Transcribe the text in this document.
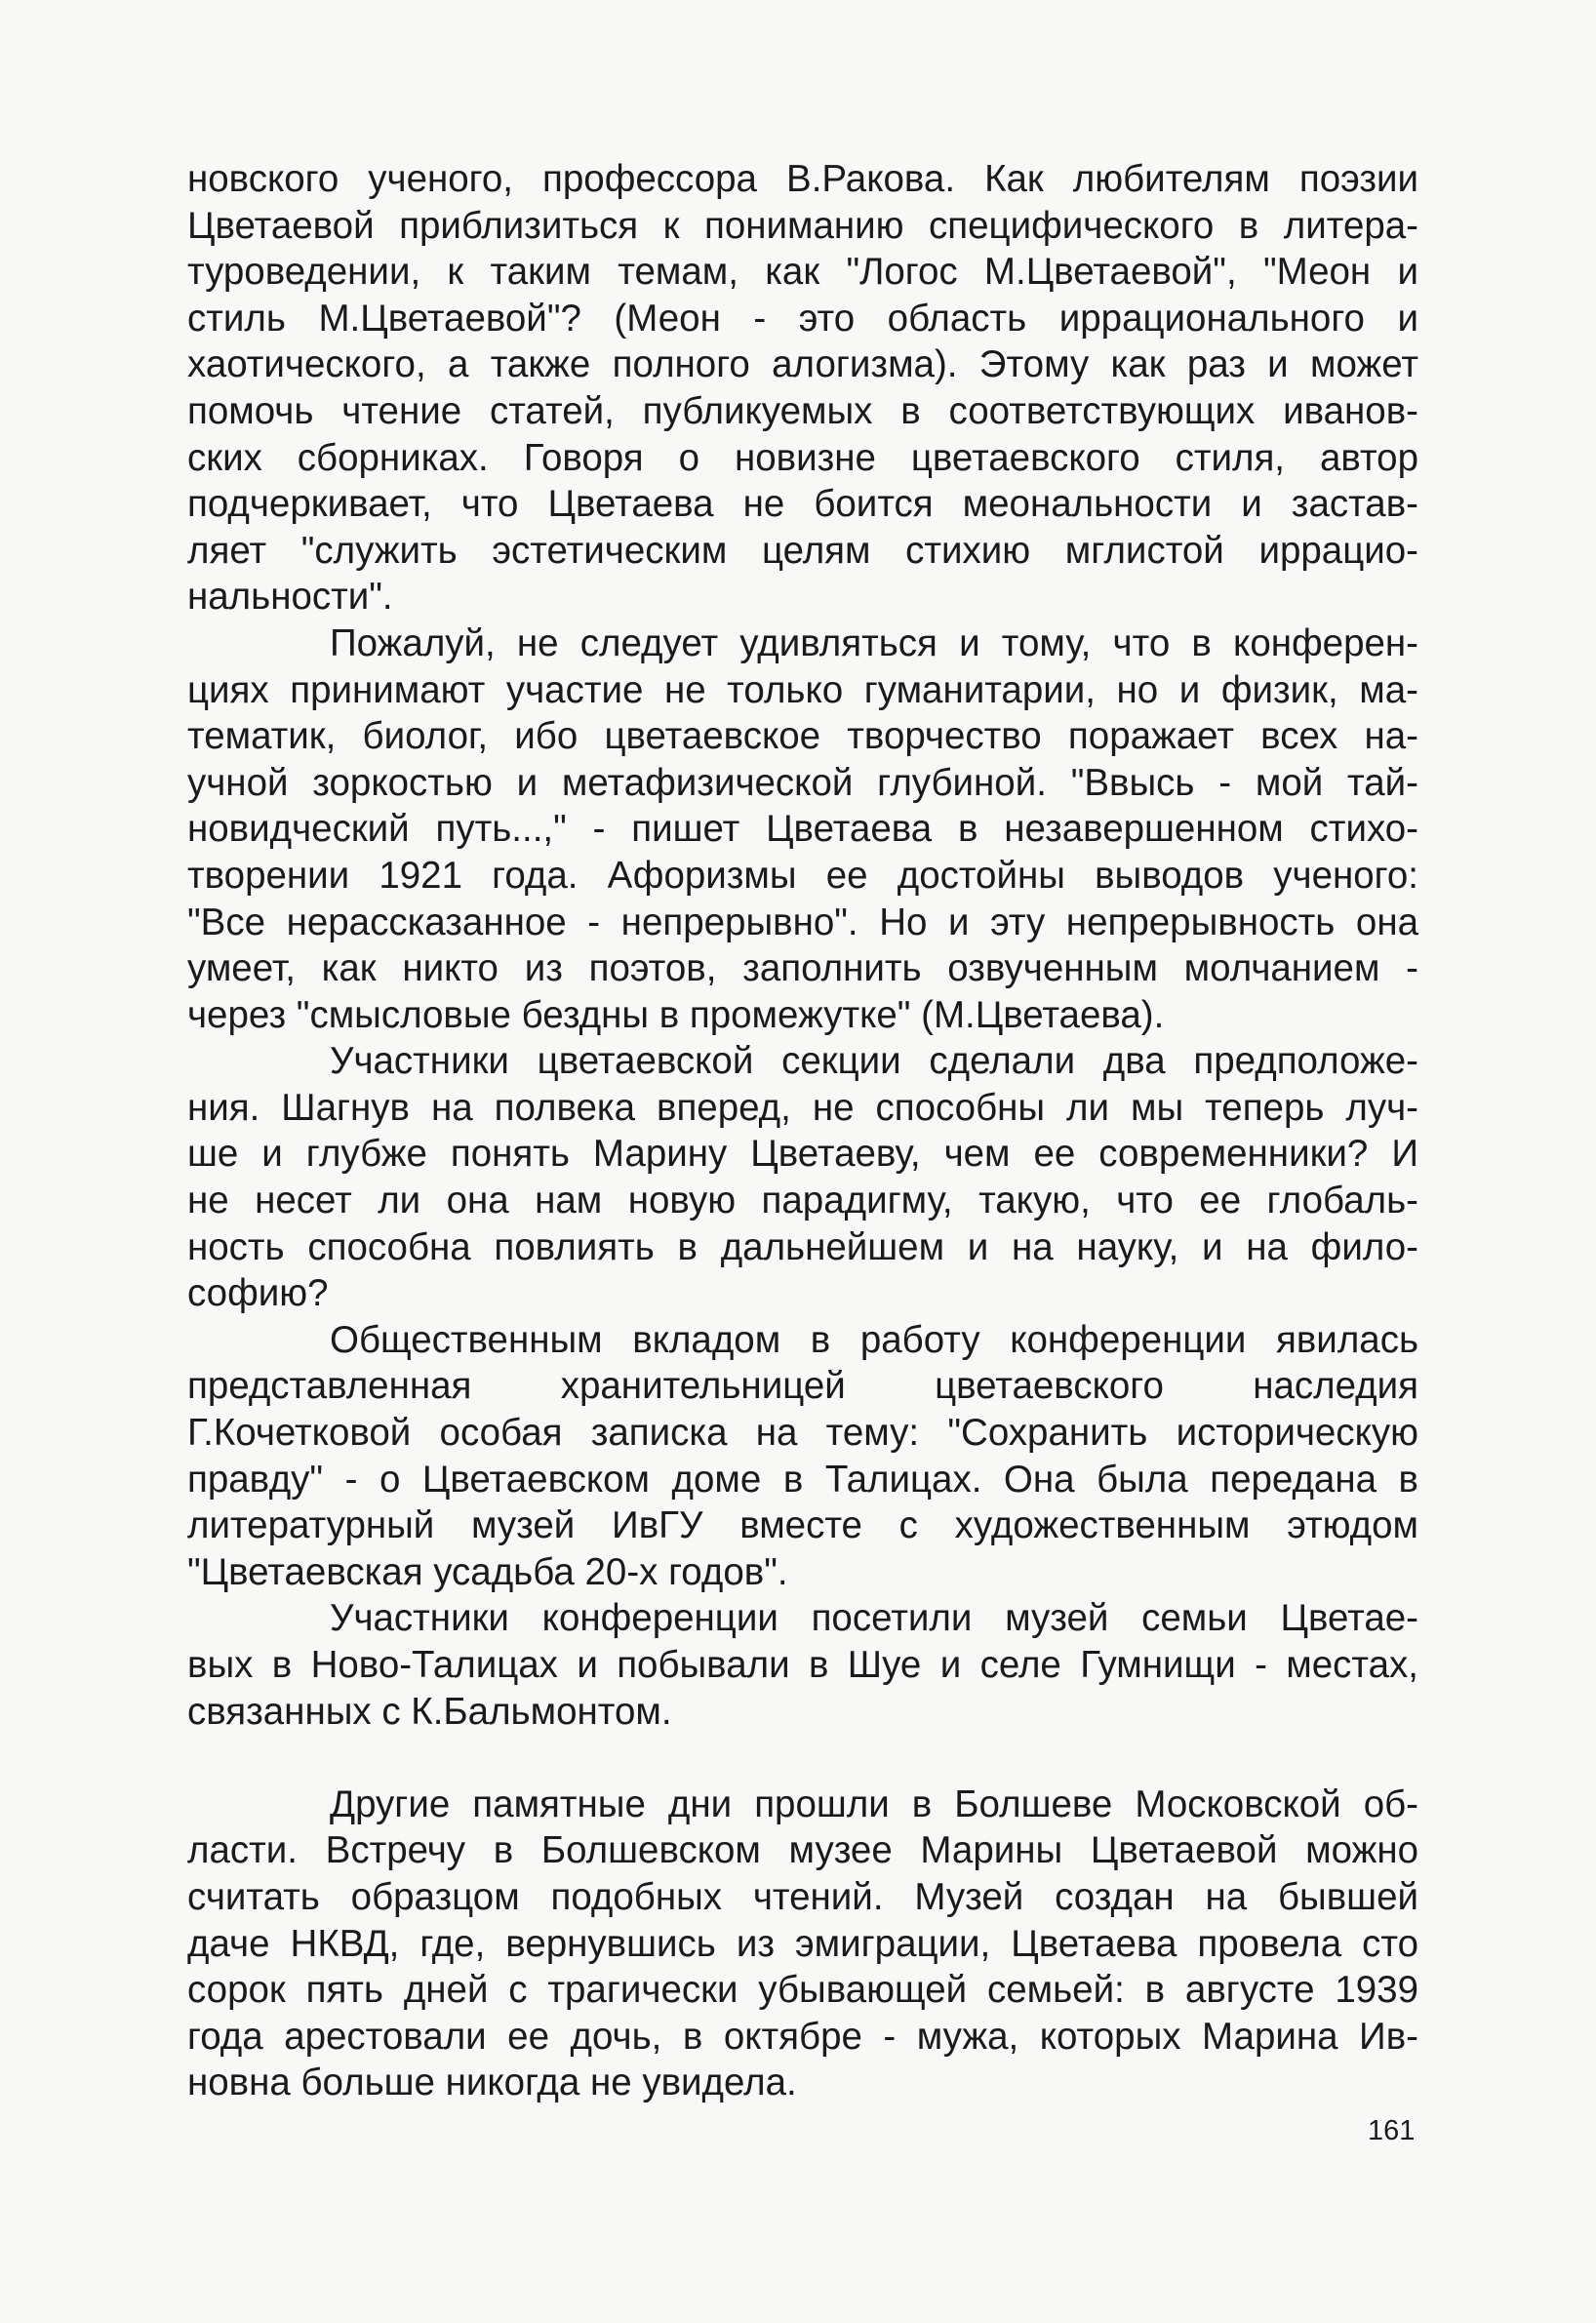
новского ученого, профессора В.Ракова. Как любителям поэзии
Цветаевой приблизиться к пониманию специфического в литера-
туроведении, к таким темам, как "Логос М.Цветаевой", "Меон и
стиль М.Цветаевой"? (Меон - это область иррационального и
хаотического, а также полного алогизма). Этому как раз и может
помочь чтение статей, публикуемых в соответствующих иванов-
ских сборниках. Говоря о новизне цветаевского стиля, автор
подчеркивает, что Цветаева не боится меональности и застав-
ляет "служить эстетическим целям стихию мглистой иррацио-
нальности".
Пожалуй, не следует удивляться и тому, что в конферен-
циях принимают участие не только гуманитарии, но и физик, ма-
тематик, биолог, ибо цветаевское творчество поражает всех на-
учной зоркостью и метафизической глубиной. "Ввысь - мой тай-
новидческий путь...," - пишет Цветаева в незавершенном стихо-
творении 1921 года. Афоризмы ее достойны выводов ученого:
"Все нерассказанное - непрерывно". Но и эту непрерывность она
умеет, как никто из поэтов, заполнить озвученным молчанием -
через "смысловые бездны в промежутке" (М.Цветаева).
Участники цветаевской секции сделали два предположе-
ния. Шагнув на полвека вперед, не способны ли мы теперь луч-
ше и глубже понять Марину Цветаеву, чем ее современники? И
не несет ли она нам новую парадигму, такую, что ее глобаль-
ность способна повлиять в дальнейшем и на науку, и на фило-
софию?
Общественным вкладом в работу конференции явилась
представленная хранительницей цветаевского наследия
Г.Кочетковой особая записка на тему: "Сохранить историческую
правду" - о Цветаевском доме в Талицах. Она была передана в
литературный музей ИвГУ вместе с художественным этюдом
"Цветаевская усадьба 20-х годов".
Участники конференции посетили музей семьи Цветае-
вых в Ново-Талицах и побывали в Шуе и селе Гумнищи - местах,
связанных с К.Бальмонтом.
Другие памятные дни прошли в Болшеве Московской об-
ласти. Встречу в Болшевском музее Марины Цветаевой можно
считать образцом подобных чтений. Музей создан на бывшей
даче НКВД, где, вернувшись из эмиграции, Цветаева провела сто
сорок пять дней с трагически убывающей семьей: в августе 1939
года арестовали ее дочь, в октябре - мужа, которых Марина Ив-
новна больше никогда не увидела.
161
